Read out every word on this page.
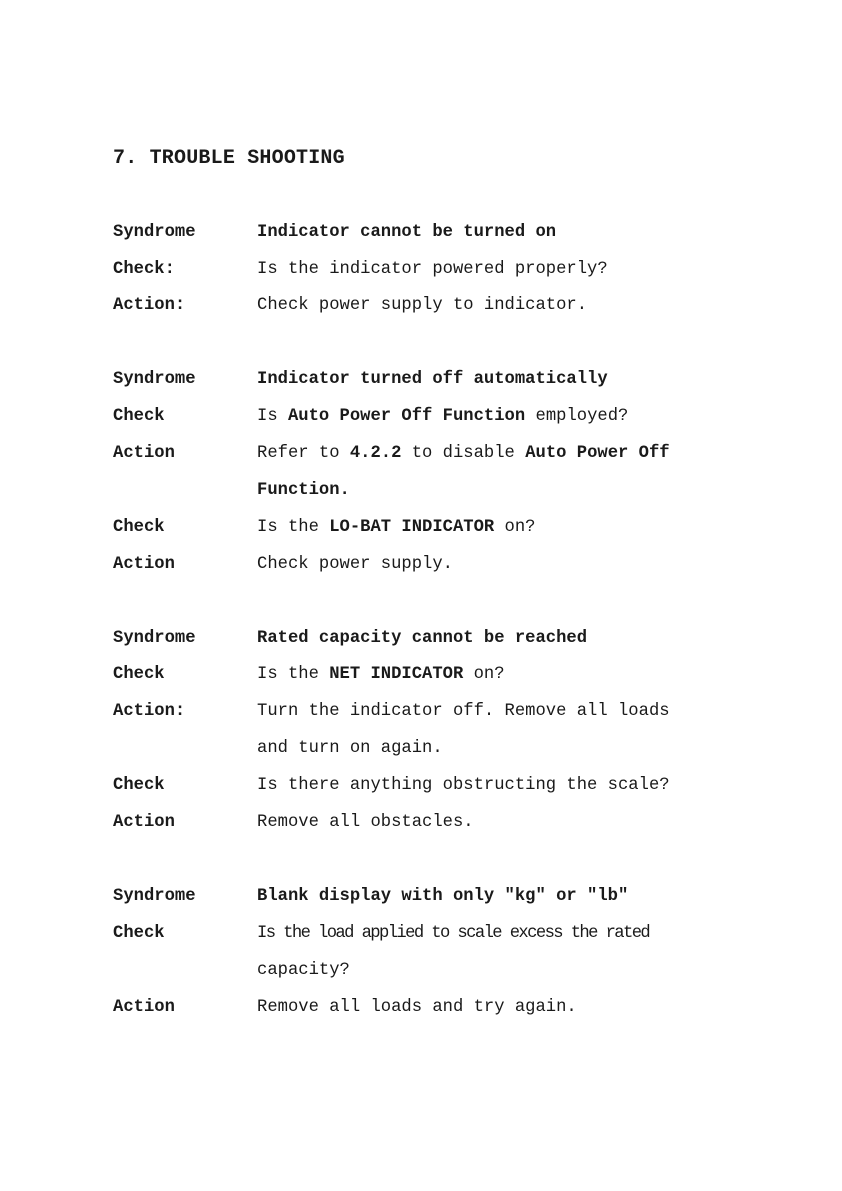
7. TROUBLE SHOOTING
Syndrome	Indicator cannot be turned on
Check:	Is the indicator powered properly?
Action:	Check power supply to indicator.
Syndrome	Indicator turned off automatically
Check	Is Auto Power Off Function employed?
Action	Refer to 4.2.2 to disable Auto Power Off
Function.
Check	Is the LO-BAT INDICATOR on?
Action	Check power supply.
Syndrome	Rated capacity cannot be reached
Check	Is the NET INDICATOR on?
Action:	Turn the indicator off. Remove all loads
and turn on again.
Check	Is there anything obstructing the scale?
Action	Remove all obstacles.
Syndrome	Blank display with only "kg" or "lb"
Check	Is the load applied to scale excess the rated
capacity?
Action	Remove all loads and try again.
